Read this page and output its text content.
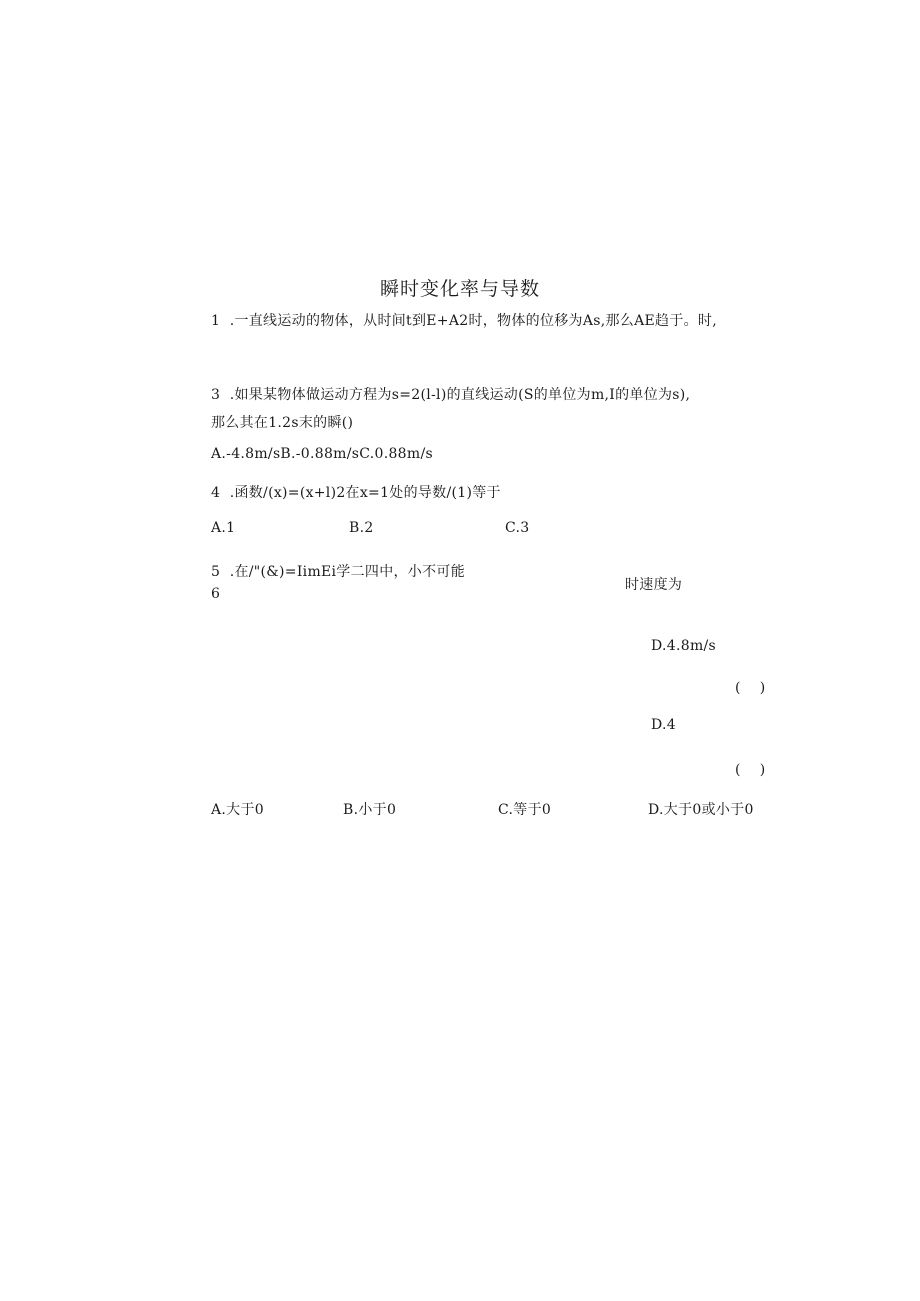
瞬时变化率与导数
1  .一直线运动的物体，从时间t到E+A2时，物体的位移为As,那么AE趋于。时,
3  .如果某物体做运动方程为s=2(l-l)的直线运动(S的单位为m,I的单位为s),
那么其在1.2s末的瞬()
A.-4.8m/sB.-0.88m/sC.0.88m/s
4  .函数/(x)=(x+l)2在x=1处的导数/(1)等于
A.1	B.2	C.3
5  .在/"(&)=IimEi学二四中，小不可能
6
时速度为
D.4.8m/s
(    )
D.4
(    )
A.大于0	B.小于0	C.等于0	D.大于0或小于0
